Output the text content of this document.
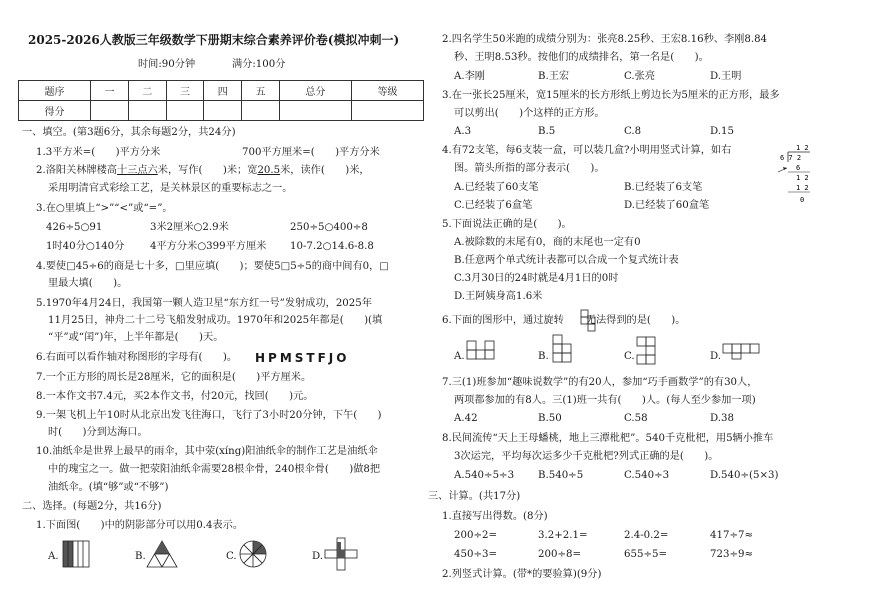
2025-2026人教版三年级数学下册期末综合素养评价卷(模拟冲刺一)
时间:90分钟	满分:100分
题序	一	二	三	四	五	总分	等级
得分							
一、填空。(第3题6分，其余每题2分，共24分)
1.3平方米=(　　)平方分米	700平方厘米=(　　)平方分米
2.洛阳关林牌楼高十三点六米，写作(　　)米；宽20.5米，读作(　　)米，
采用明清官式彩绘工艺，是关林景区的重要标志之一。
3.在○里填上“>”“<”或“=”。
426÷5○91	3米2厘米○2.9米	250÷5○400÷8
1时40分○140分	4平方分米○399平方厘米 10-7.2○14.6-8.8
4.要使□45÷6的商是七十多，□里应填(　　)；要使5□5÷5的商中间有0，□
里最大填(　　)。
5.1970年4月24日，我国第一颗人造卫星“东方红一号”发射成功，2025年
11月25日，神舟二十二号飞船发射成功。1970年和2025年都是(　　)(填
“平”或“闰”)年，上半年都是(　　)天。
6.右面可以看作轴对称图形的字母有(　　)。 HPMSTFJO
7.一个正方形的周长是28厘米，它的面积是(　　)平方厘米。
8.一本作文书7.4元，买2本作文书，付20元，找回(　　)元。
9.一架飞机上午10时从北京出发飞往海口，飞行了3小时20分钟，下午(　　)
时(　　)分到达海口。
10.油纸伞是世界上最早的雨伞，其中荥(xíng)阳油纸伞的制作工艺是油纸伞
中的瑰宝之一。做一把荥阳油纸伞需要28根伞骨，240根伞骨(　　)做8把
油纸伞。(填“够”或“不够”)
二、选择。(每题2分，共16分)
1.下面图(　　)中的阴影部分可以用0.4表示。
A.	B.	C.	D.
2.四名学生50米跑的成绩分别为：张亮8.25秒、王宏8.16秒、李刚8.84
秒、王明8.53秒。按他们的成绩排名，第一名是(　　)。
A.李刚	B.王宏	C.张亮	D.王明
3.在一张长25厘米，宽15厘米的长方形纸上剪边长为5厘米的正方形，最多
可以剪出(　　)个这样的正方形。
A.3	B.5	C.8	D.15
4.有72支笔，每6支装一盒，可以装几盒?小明用竖式计算，如右
图。箭头所指的部分表示(　　)。
A.已经装了60支笔	B.已经装了6支笔
C.已经装了6盒笔	D.已经装了60盒笔
1 2
6 7 2
6
1 2
1 2
0
5.下面说法正确的是(　　)。
A.被除数的末尾有0，商的末尾也一定有0
B.任意两个单式统计表都可以合成一个复式统计表
C.3月30日的24时就是4月1日的0时
D.王阿姨身高1.6米
6.下面的图形中，通过旋转 无法得到的是(　　)。
A.	B.	C.	D.
7.三(1)班参加“趣味说数学”的有20人，参加“巧手画数学”的有30人，
两项都参加的有8人。三(1)班一共有(　　)人。(每人至少参加一项)
A.42	B.50	C.58	D.38
8.民间流传“天上王母蟠桃，地上三潭枇杷”。540千克枇杷，用5辆小推车
3次运完，平均每次运多少千克枇杷?列式正确的是(　　)。
A.540÷5÷3 B.540÷5	C.540÷3	D.540÷(5×3)
三、计算。(共17分)
1.直接写出得数。(8分)
200÷2=	3.2+2.1=	2.4-0.2=	417÷7≈
450÷3=	200÷8=	655÷5=	723÷9≈
2.列竖式计算。(带*的要验算)(9分)
